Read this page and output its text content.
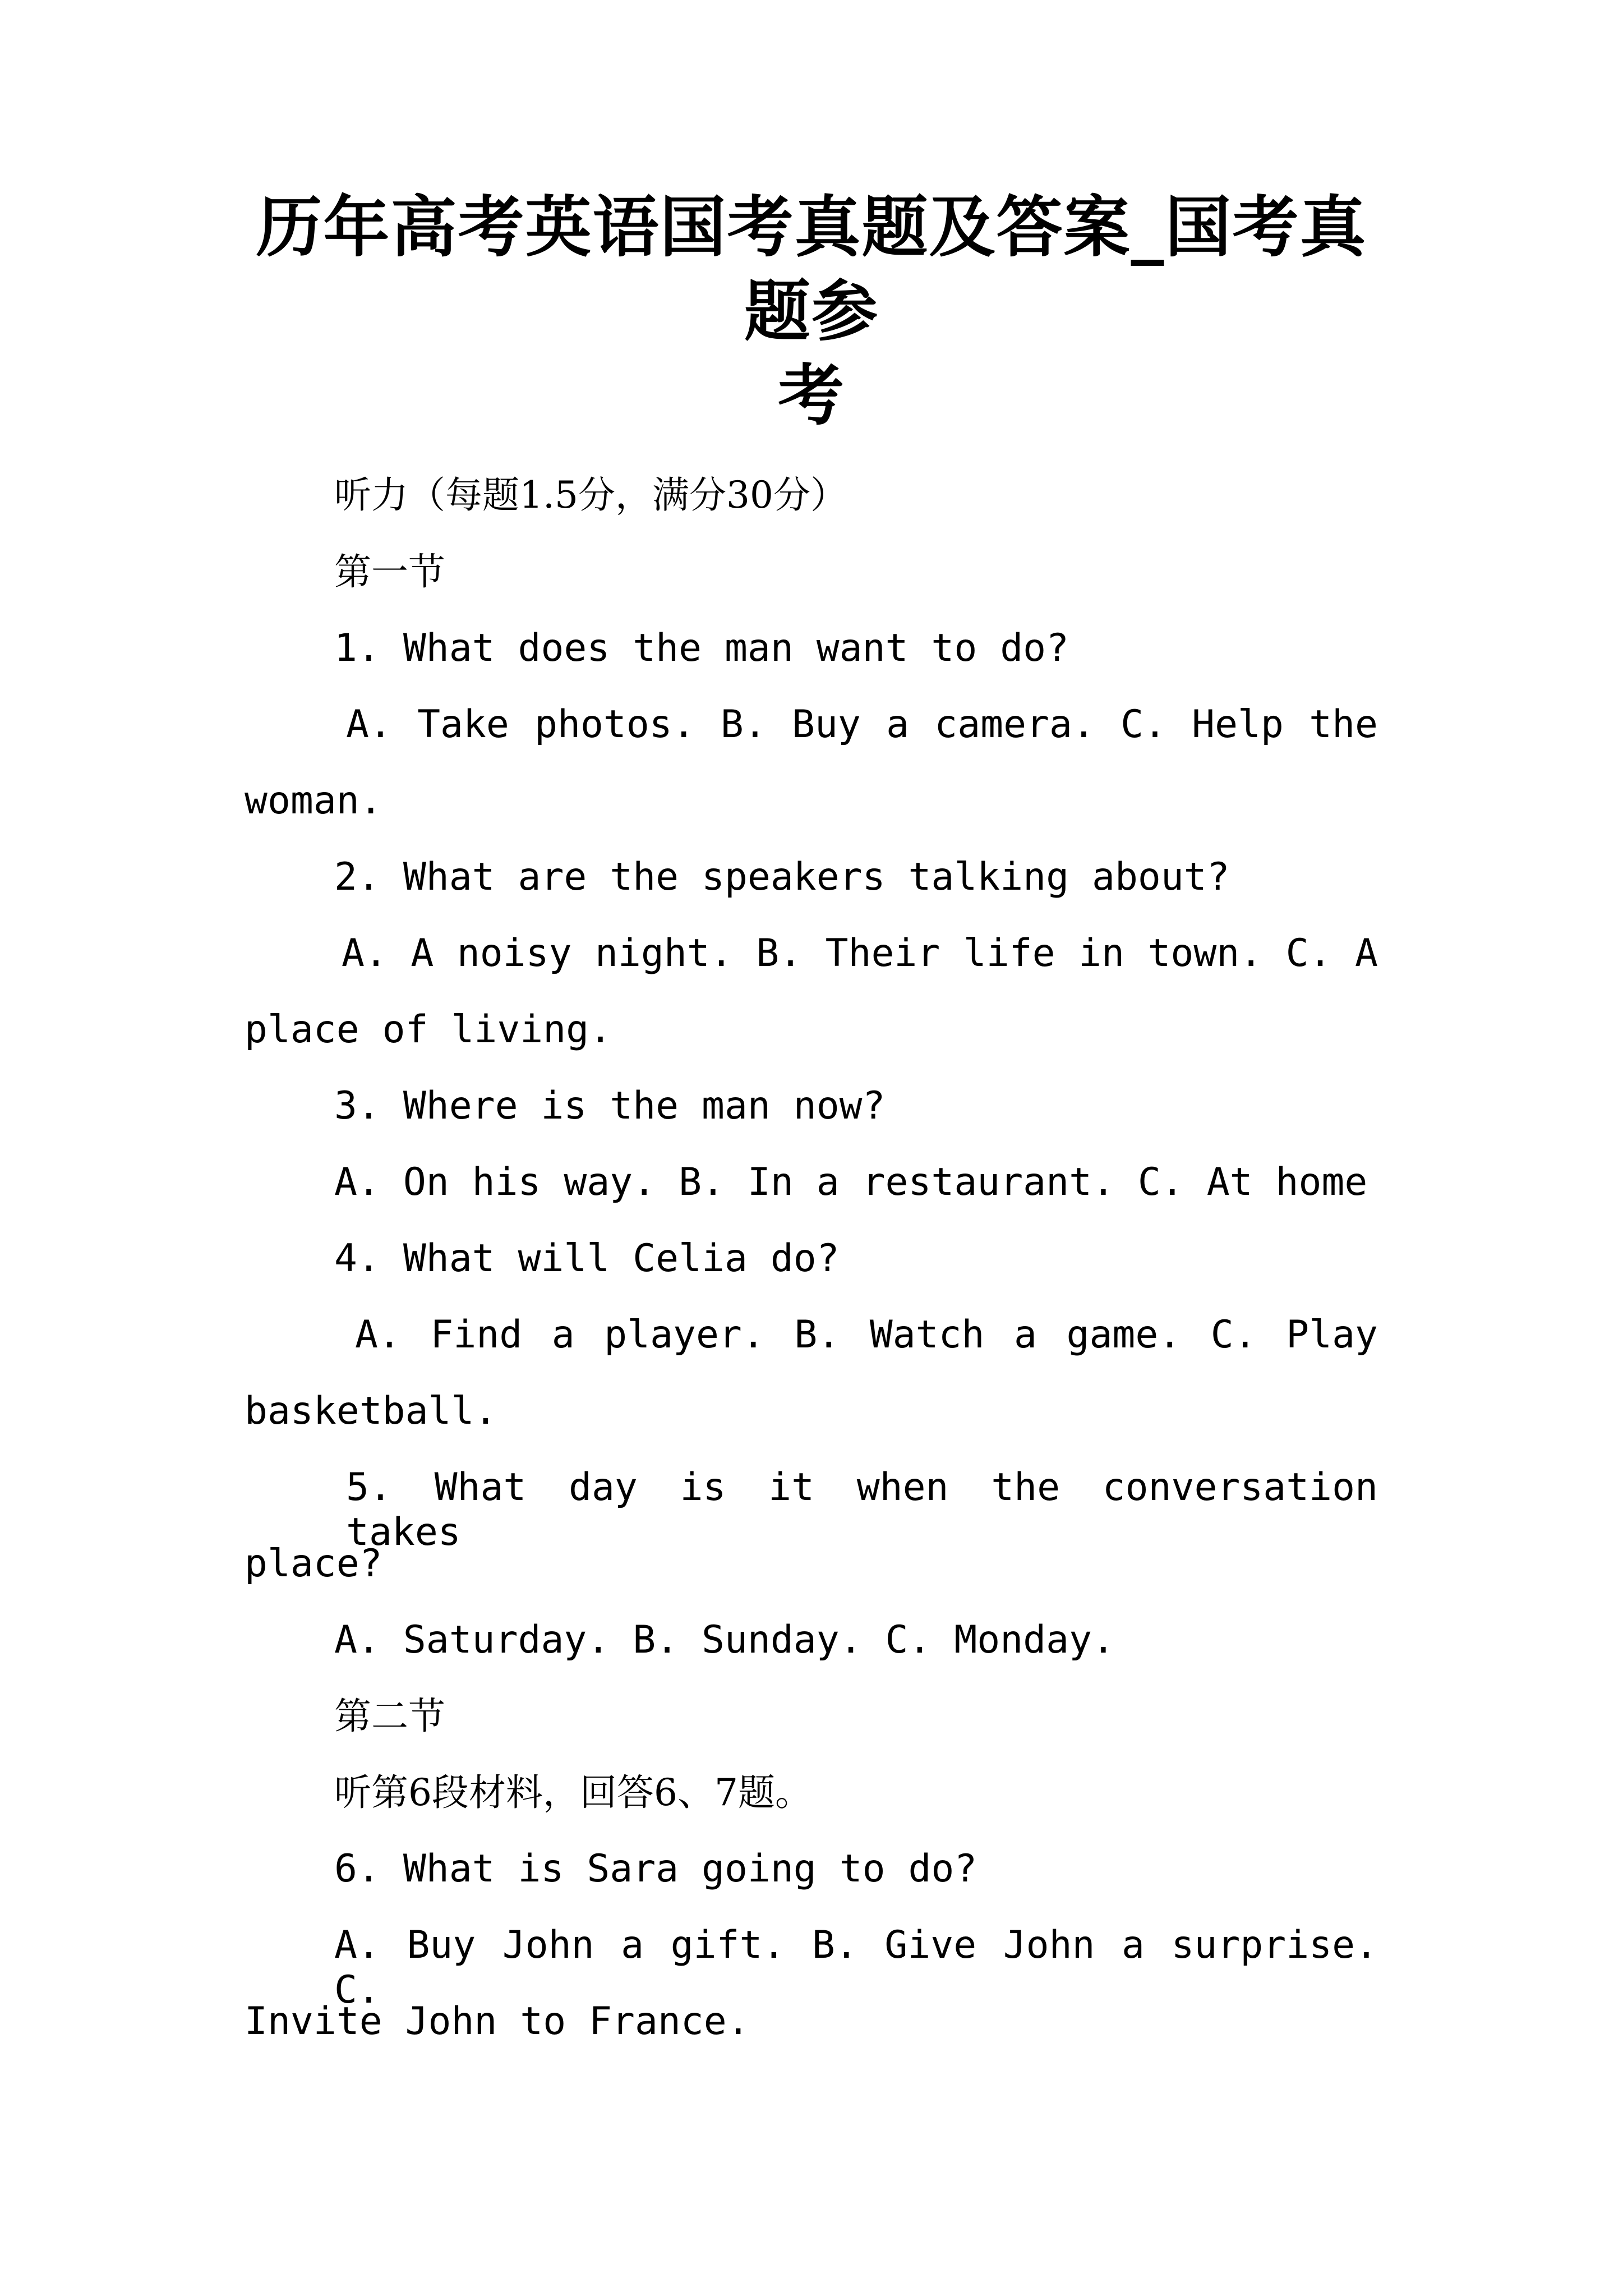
历年高考英语国考真题及答案_国考真题参
考
听力（每题1.5分，满分30分）
第一节
1. What does the man want to do?
A. Take photos. B. Buy a camera. C. Help the
woman.
2. What are the speakers talking about?
A. A noisy night. B. Their life in town. C. A
place of living.
3. Where is the man now?
A. On his way. B. In a restaurant. C. At home
4. What will Celia do?
A. Find a player. B. Watch a game. C. Play
basketball.
5. What day is it when the conversation takes
place?
A. Saturday. B. Sunday. C. Monday.
第二节
听第6段材料，回答6、7题。
6. What is Sara going to do?
A. Buy John a gift. B. Give John a surprise. C.
Invite John to France.
